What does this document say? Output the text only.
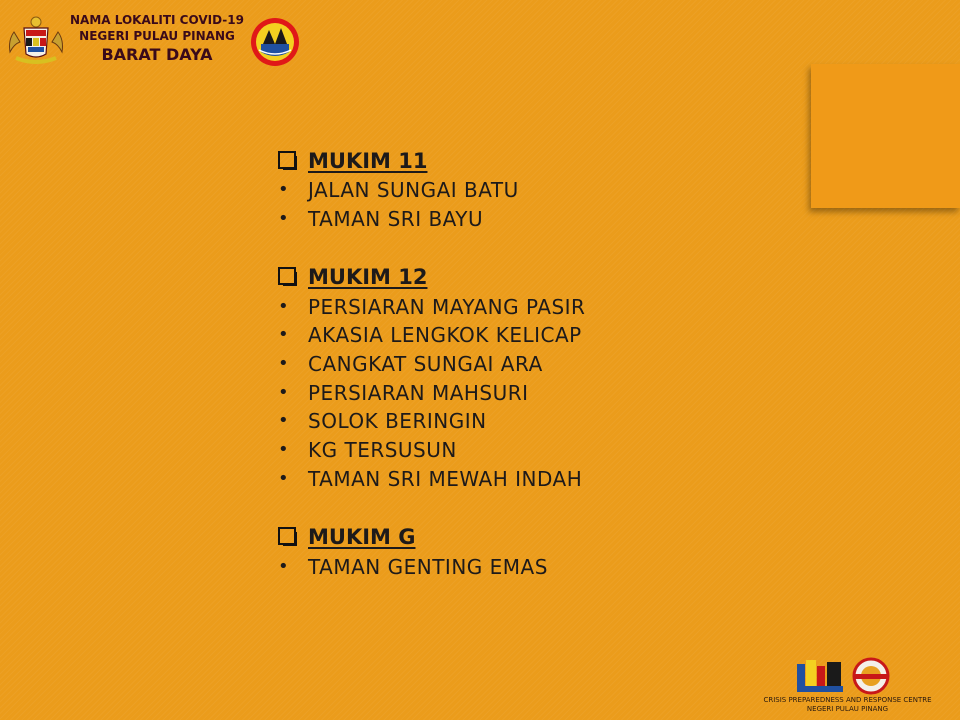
NAMA LOKALITI COVID-19
NEGERI PULAU PINANG
BARAT DAYA
MUKIM 11
• JALAN SUNGAI BATU
• TAMAN SRI BAYU
MUKIM 12
• PERSIARAN MAYANG PASIR
• AKASIA LENGKOK KELICAP
• CANGKAT SUNGAI ARA
• PERSIARAN MAHSURI
• SOLOK BERINGIN
• KG TERSUSUN
• TAMAN SRI MEWAH INDAH
MUKIM G
• TAMAN GENTING EMAS
CRISIS PREPAREDNESS AND RESPONSE CENTRE
NEGERI PULAU PINANG
